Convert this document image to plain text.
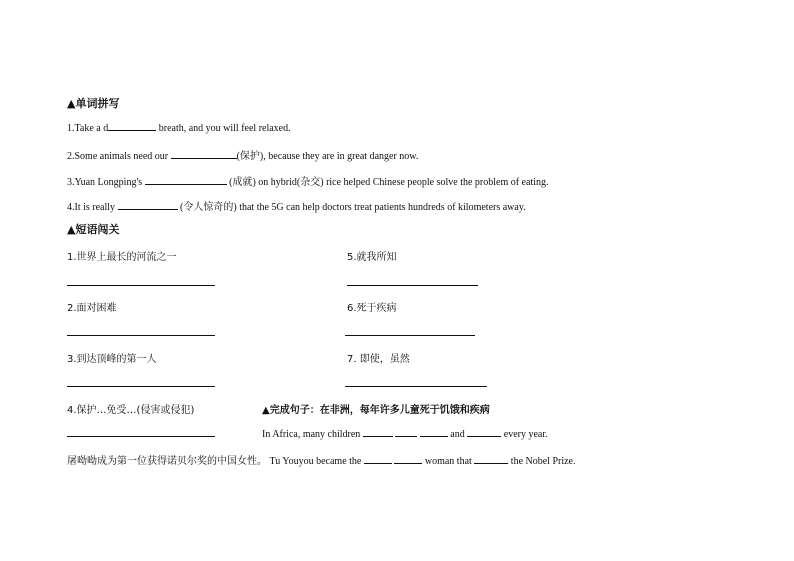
▲单词拼写
1.Take a d	breath, and you will feel relaxed.
2.Some animals need our	(保护), because they are in great danger now.
3.Yuan Longping's	(成就) on hybrid(杂交) rice helped Chinese people solve the problem of eating.
4.It is really	(令人惊奇的) that the 5G can help doctors treat patients hundreds of kilometers away.
▲短语闯关
1.世界上最长的河流之一
2.面对困难
3.到达顶峰的第一人
4.保护…免受…(侵害或侵犯)
5.就我所知
6.死于疾病
7. 即使，虽然
▲完成句子：在非洲，每年许多儿童死于饥饿和疾病
In Africa, many children	and	every year.
屠呦呦成为第一位获得诺贝尔奖的中国女性。 Tu Youyou became the	woman that	the Nobel Prize.
